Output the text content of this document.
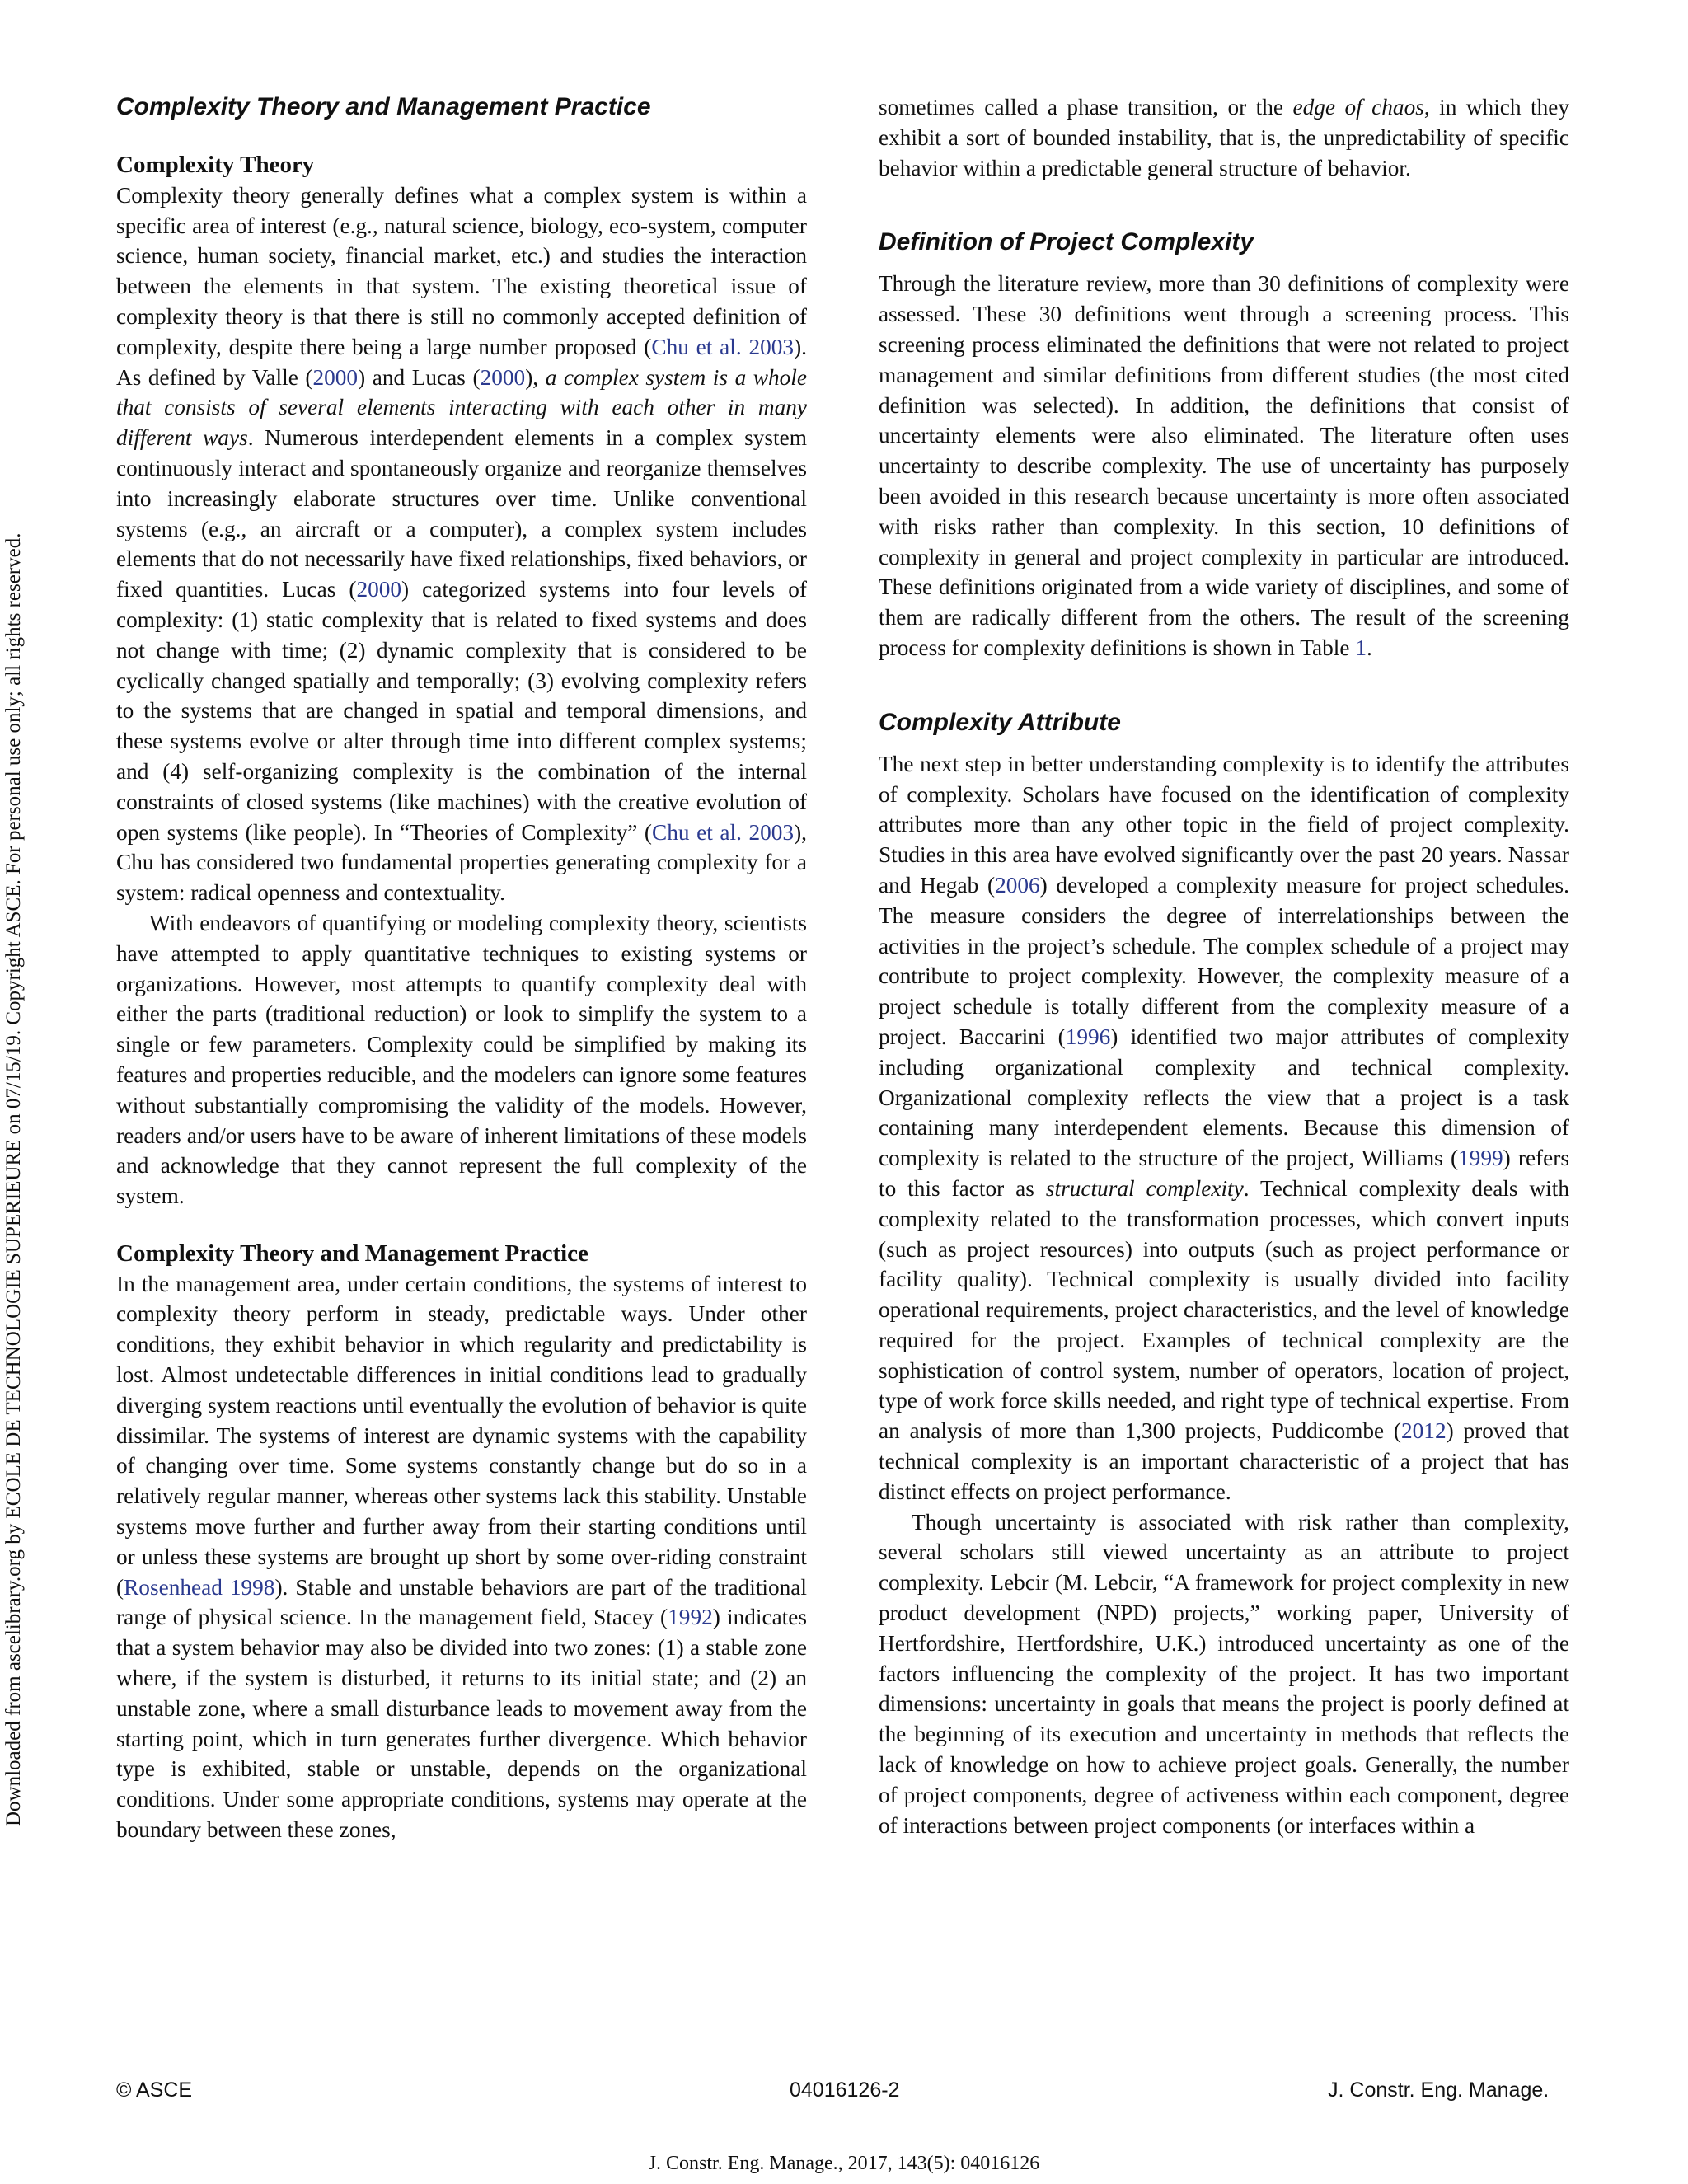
Downloaded from ascelibrary.org by ECOLE DE TECHNOLOGIE SUPERIEURE on 07/15/19. Copyright ASCE. For personal use only; all rights reserved.
Complexity Theory and Management Practice
Complexity Theory

Complexity theory generally defines what a complex system is within a specific area of interest (e.g., natural science, biology, eco-system, computer science, human society, financial market, etc.) and studies the interaction between the elements in that system. The existing theoretical issue of complexity theory is that there is still no commonly accepted definition of complexity, despite there being a large number proposed (Chu et al. 2003). As defined by Valle (2000) and Lucas (2000), a complex system is a whole that consists of several elements interacting with each other in many different ways. Numerous interdependent elements in a complex system continuously interact and spontaneously organize and reorganize themselves into increasingly elaborate structures over time. Unlike conventional systems (e.g., an aircraft or a computer), a complex system includes elements that do not necessarily have fixed relationships, fixed behaviors, or fixed quantities. Lucas (2000) categorized systems into four levels of complexity: (1) static complexity that is related to fixed systems and does not change with time; (2) dynamic complexity that is considered to be cyclically changed spatially and temporally; (3) evolving complexity refers to the systems that are changed in spatial and temporal dimensions, and these systems evolve or alter through time into different complex systems; and (4) self-organizing complexity is the combination of the internal constraints of closed systems (like machines) with the creative evolution of open systems (like people). In “Theories of Complexity” (Chu et al. 2003), Chu has considered two fundamental properties generating complexity for a system: radical openness and contextuality.

With endeavors of quantifying or modeling complexity theory, scientists have attempted to apply quantitative techniques to existing systems or organizations. However, most attempts to quantify complexity deal with either the parts (traditional reduction) or look to simplify the system to a single or few parameters. Complexity could be simplified by making its features and properties reducible, and the modelers can ignore some features without substantially compromising the validity of the models. However, readers and/or users have to be aware of inherent limitations of these models and acknowledge that they cannot represent the full complexity of the system.

Complexity Theory and Management Practice

In the management area, under certain conditions, the systems of interest to complexity theory perform in steady, predictable ways. Under other conditions, they exhibit behavior in which regularity and predictability is lost. Almost undetectable differences in initial conditions lead to gradually diverging system reactions until eventually the evolution of behavior is quite dissimilar. The systems of interest are dynamic systems with the capability of changing over time. Some systems constantly change but do so in a relatively regular manner, whereas other systems lack this stability. Unstable systems move further and further away from their starting conditions until or unless these systems are brought up short by some over-riding constraint (Rosenhead 1998). Stable and unstable behaviors are part of the traditional range of physical science. In the management field, Stacey (1992) indicates that a system behavior may also be divided into two zones: (1) a stable zone where, if the system is disturbed, it returns to its initial state; and (2) an unstable zone, where a small disturbance leads to movement away from the starting point, which in turn generates further divergence. Which behavior type is exhibited, stable or unstable, depends on the organizational conditions. Under some appropriate conditions, systems may operate at the boundary between these zones,

sometimes called a phase transition, or the edge of chaos, in which they exhibit a sort of bounded instability, that is, the unpredictability of specific behavior within a predictable general structure of behavior.

Definition of Project Complexity

Through the literature review, more than 30 definitions of complexity were assessed. These 30 definitions went through a screening process. This screening process eliminated the definitions that were not related to project management and similar definitions from different studies (the most cited definition was selected). In addition, the definitions that consist of uncertainty elements were also eliminated. The literature often uses uncertainty to describe complexity. The use of uncertainty has purposely been avoided in this research because uncertainty is more often associated with risks rather than complexity. In this section, 10 definitions of complexity in general and project complexity in particular are introduced. These definitions originated from a wide variety of disciplines, and some of them are radically different from the others. The result of the screening process for complexity definitions is shown in Table 1.

Complexity Attribute

The next step in better understanding complexity is to identify the attributes of complexity. Scholars have focused on the identification of complexity attributes more than any other topic in the field of project complexity. Studies in this area have evolved significantly over the past 20 years. Nassar and Hegab (2006) developed a complexity measure for project schedules. The measure considers the degree of interrelationships between the activities in the project’s schedule. The complex schedule of a project may contribute to project complexity. However, the complexity measure of a project schedule is totally different from the complexity measure of a project. Baccarini (1996) identified two major attributes of complexity including organizational complexity and technical complexity. Organizational complexity reflects the view that a project is a task containing many interdependent elements. Because this dimension of complexity is related to the structure of the project, Williams (1999) refers to this factor as structural complexity. Technical complexity deals with complexity related to the transformation processes, which convert inputs (such as project resources) into outputs (such as project performance or facility quality). Technical complexity is usually divided into facility operational requirements, project characteristics, and the level of knowledge required for the project. Examples of technical complexity are the sophistication of control system, number of operators, location of project, type of work force skills needed, and right type of technical expertise. From an analysis of more than 1,300 projects, Puddicombe (2012) proved that technical complexity is an important characteristic of a project that has distinct effects on project performance.

Though uncertainty is associated with risk rather than complexity, several scholars still viewed uncertainty as an attribute to project complexity. Lebcir (M. Lebcir, “A framework for project complexity in new product development (NPD) projects,” working paper, University of Hertfordshire, Hertfordshire, U.K.) introduced uncertainty as one of the factors influencing the complexity of the project. It has two important dimensions: uncertainty in goals that means the project is poorly defined at the beginning of its execution and uncertainty in methods that reflects the lack of knowledge on how to achieve project goals. Generally, the number of project components, degree of activeness within each component, degree of interactions between project components (or interfaces within a

© ASCE	04016126-2	J. Constr. Eng. Manage.
J. Constr. Eng. Manage., 2017, 143(5): 04016126
